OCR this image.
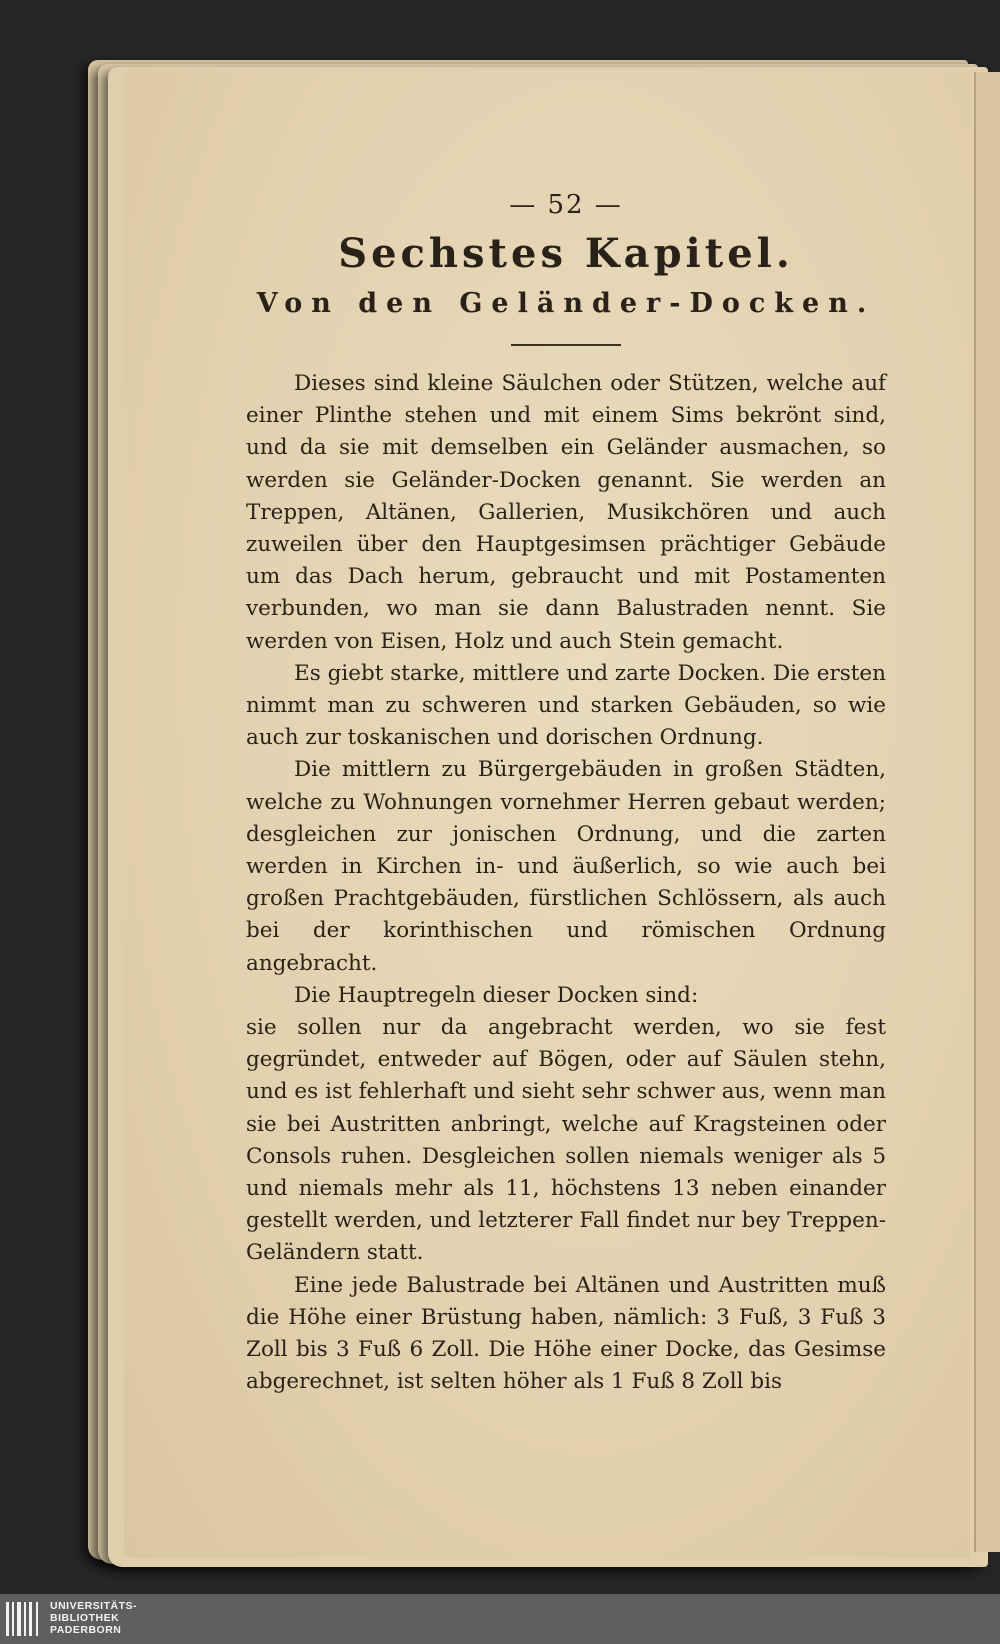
— 52 —
Sechstes Kapitel.
Von den Geländer-Docken.

Dieses sind kleine Säulchen oder Stützen, welche auf einer Plinthe stehen und mit einem Sims bekrönt sind, und da sie mit demselben ein Geländer ausmachen, so werden sie Geländer-Docken genannt. Sie werden an Treppen, Altänen, Gallerien, Musikchören und auch zuweilen über den Hauptgesimsen prächtiger Gebäude um das Dach herum, gebraucht und mit Postamenten verbunden, wo man sie dann Balustraden nennt. Sie werden von Eisen, Holz und auch Stein gemacht.

Es giebt starke, mittlere und zarte Docken. Die ersten nimmt man zu schweren und starken Gebäuden, so wie auch zur toskanischen und dorischen Ordnung.

Die mittlern zu Bürgergebäuden in großen Städten, welche zu Wohnungen vornehmer Herren gebaut werden; desgleichen zur jonischen Ordnung, und die zarten werden in Kirchen in- und äußerlich, so wie auch bei großen Prachtgebäuden, fürstlichen Schlössern, als auch bei der korinthischen und römischen Ordnung angebracht.

Die Hauptregeln dieser Docken sind:

sie sollen nur da angebracht werden, wo sie fest gegründet, entweder auf Bögen, oder auf Säulen stehn, und es ist fehlerhaft und sieht sehr schwer aus, wenn man sie bei Austritten anbringt, welche auf Kragsteinen oder Consols ruhen. Desgleichen sollen niemals weniger als 5 und niemals mehr als 11, höchstens 13 neben einander gestellt werden, und letzterer Fall findet nur bey Treppen-Geländern statt.

Eine jede Balustrade bei Altänen und Austritten muß die Höhe einer Brüstung haben, nämlich: 3 Fuß, 3 Fuß 3 Zoll bis 3 Fuß 6 Zoll. Die Höhe einer Docke, das Gesimse abgerechnet, ist selten höher als 1 Fuß 8 Zoll bis

UNIVERSITÄTS-
BIBLIOTHEK
PADERBORN
